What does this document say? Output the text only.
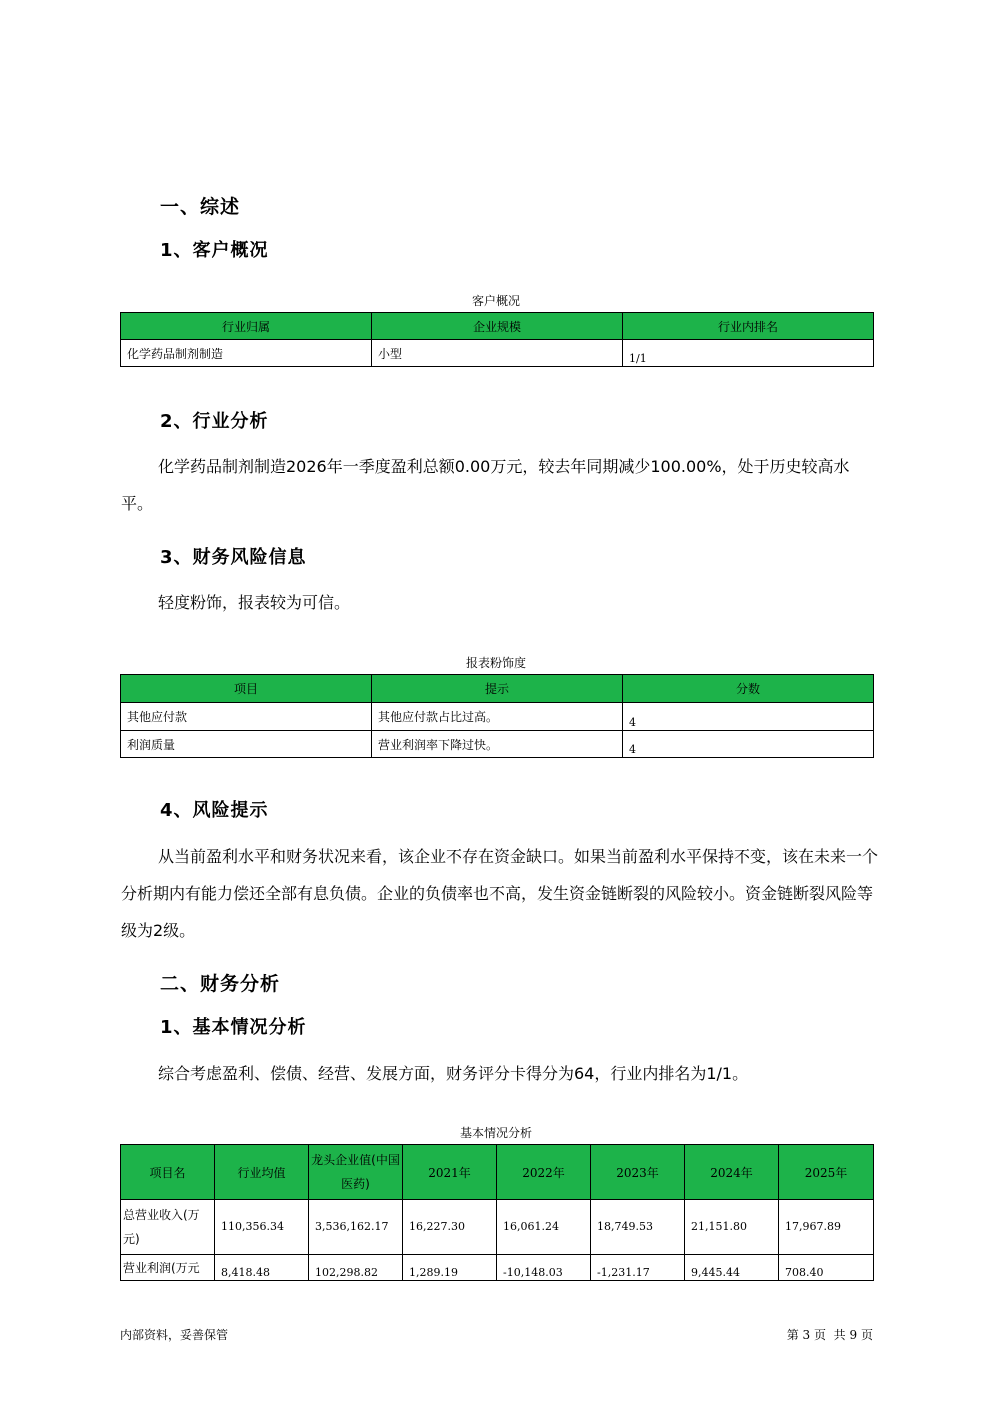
一、综述
1、客户概况
客户概况
行业归属	企业规模	行业内排名
化学药品制剂制造	小型	1/1
2、行业分析
化学药品制剂制造2026年一季度盈利总额0.00万元，较去年同期减少100.00%，处于历史较高水平。
3、财务风险信息
轻度粉饰，报表较为可信。
报表粉饰度
项目	提示	分数
其他应付款	其他应付款占比过高。	4
利润质量	营业利润率下降过快。	4
4、风险提示
从当前盈利水平和财务状况来看，该企业不存在资金缺口。如果当前盈利水平保持不变，该在未来一个分析期内有能力偿还全部有息负债。企业的负债率也不高，发生资金链断裂的风险较小。资金链断裂风险等级为2级。
二、财务分析
1、基本情况分析
综合考虑盈利、偿债、经营、发展方面，财务评分卡得分为64，行业内排名为1/1。
基本情况分析
项目名	行业均值	龙头企业值(中国医药)	2021年	2022年	2023年	2024年	2025年
总营业收入(万元)	110,356.34	3,536,162.17	16,227.30	16,061.24	18,749.53	21,151.80	17,967.89
营业利润(万元	8,418.48	102,298.82	1,289.19	-10,148.03	-1,231.17	9,445.44	708.40
内部资料，妥善保管	第 3 页 共 9 页
